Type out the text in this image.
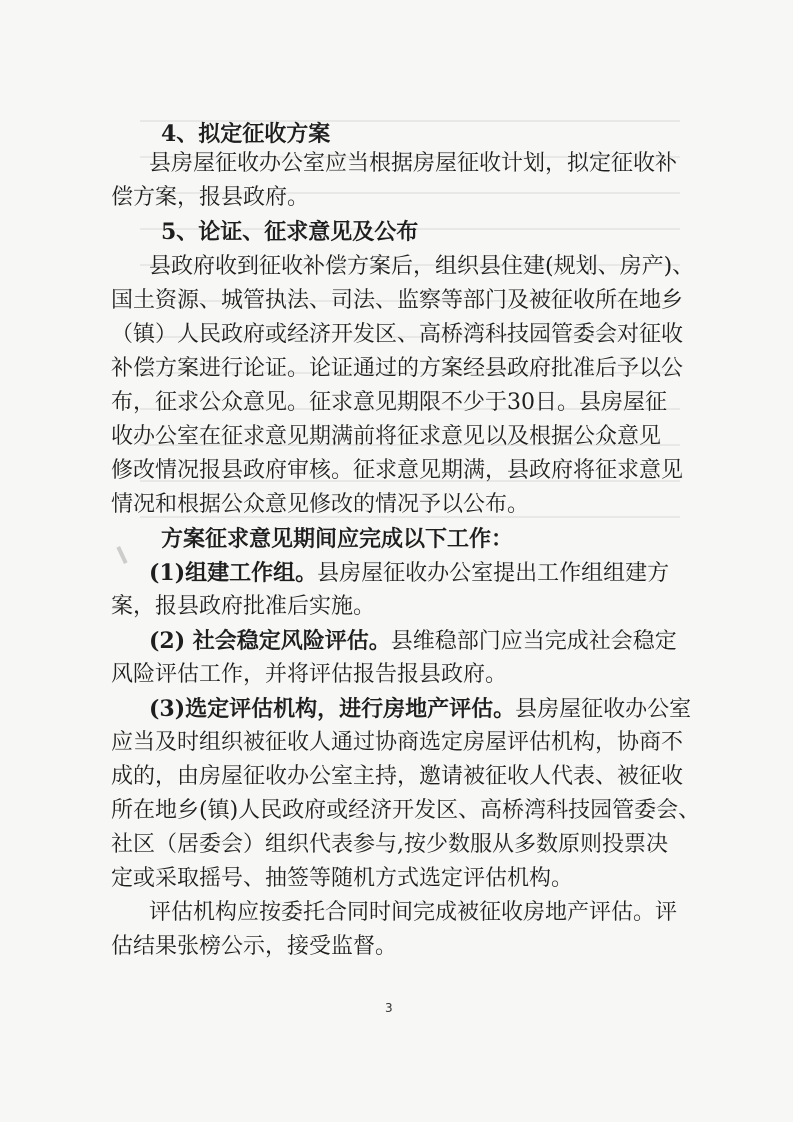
4、拟定征收方案
县房屋征收办公室应当根据房屋征收计划，拟定征收补
偿方案，报县政府。
5、论证、征求意见及公布
县政府收到征收补偿方案后，组织县住建(规划、房产)、
国土资源、城管执法、司法、监察等部门及被征收所在地乡
（镇）人民政府或经济开发区、高桥湾科技园管委会对征收
补偿方案进行论证。论证通过的方案经县政府批准后予以公
布，征求公众意见。征求意见期限不少于30日。县房屋征
收办公室在征求意见期满前将征求意见以及根据公众意见
修改情况报县政府审核。征求意见期满，县政府将征求意见
情况和根据公众意见修改的情况予以公布。
方案征求意见期间应完成以下工作：
(1)组建工作组。县房屋征收办公室提出工作组组建方
案，报县政府批准后实施。
(2) 社会稳定风险评估。县维稳部门应当完成社会稳定
风险评估工作，并将评估报告报县政府。
(3)选定评估机构，进行房地产评估。县房屋征收办公室
应当及时组织被征收人通过协商选定房屋评估机构，协商不
成的，由房屋征收办公室主持，邀请被征收人代表、被征收
所在地乡(镇)人民政府或经济开发区、高桥湾科技园管委会、
社区（居委会）组织代表参与,按少数服从多数原则投票决
定或采取摇号、抽签等随机方式选定评估机构。
评估机构应按委托合同时间完成被征收房地产评估。评
估结果张榜公示，接受监督。
3
